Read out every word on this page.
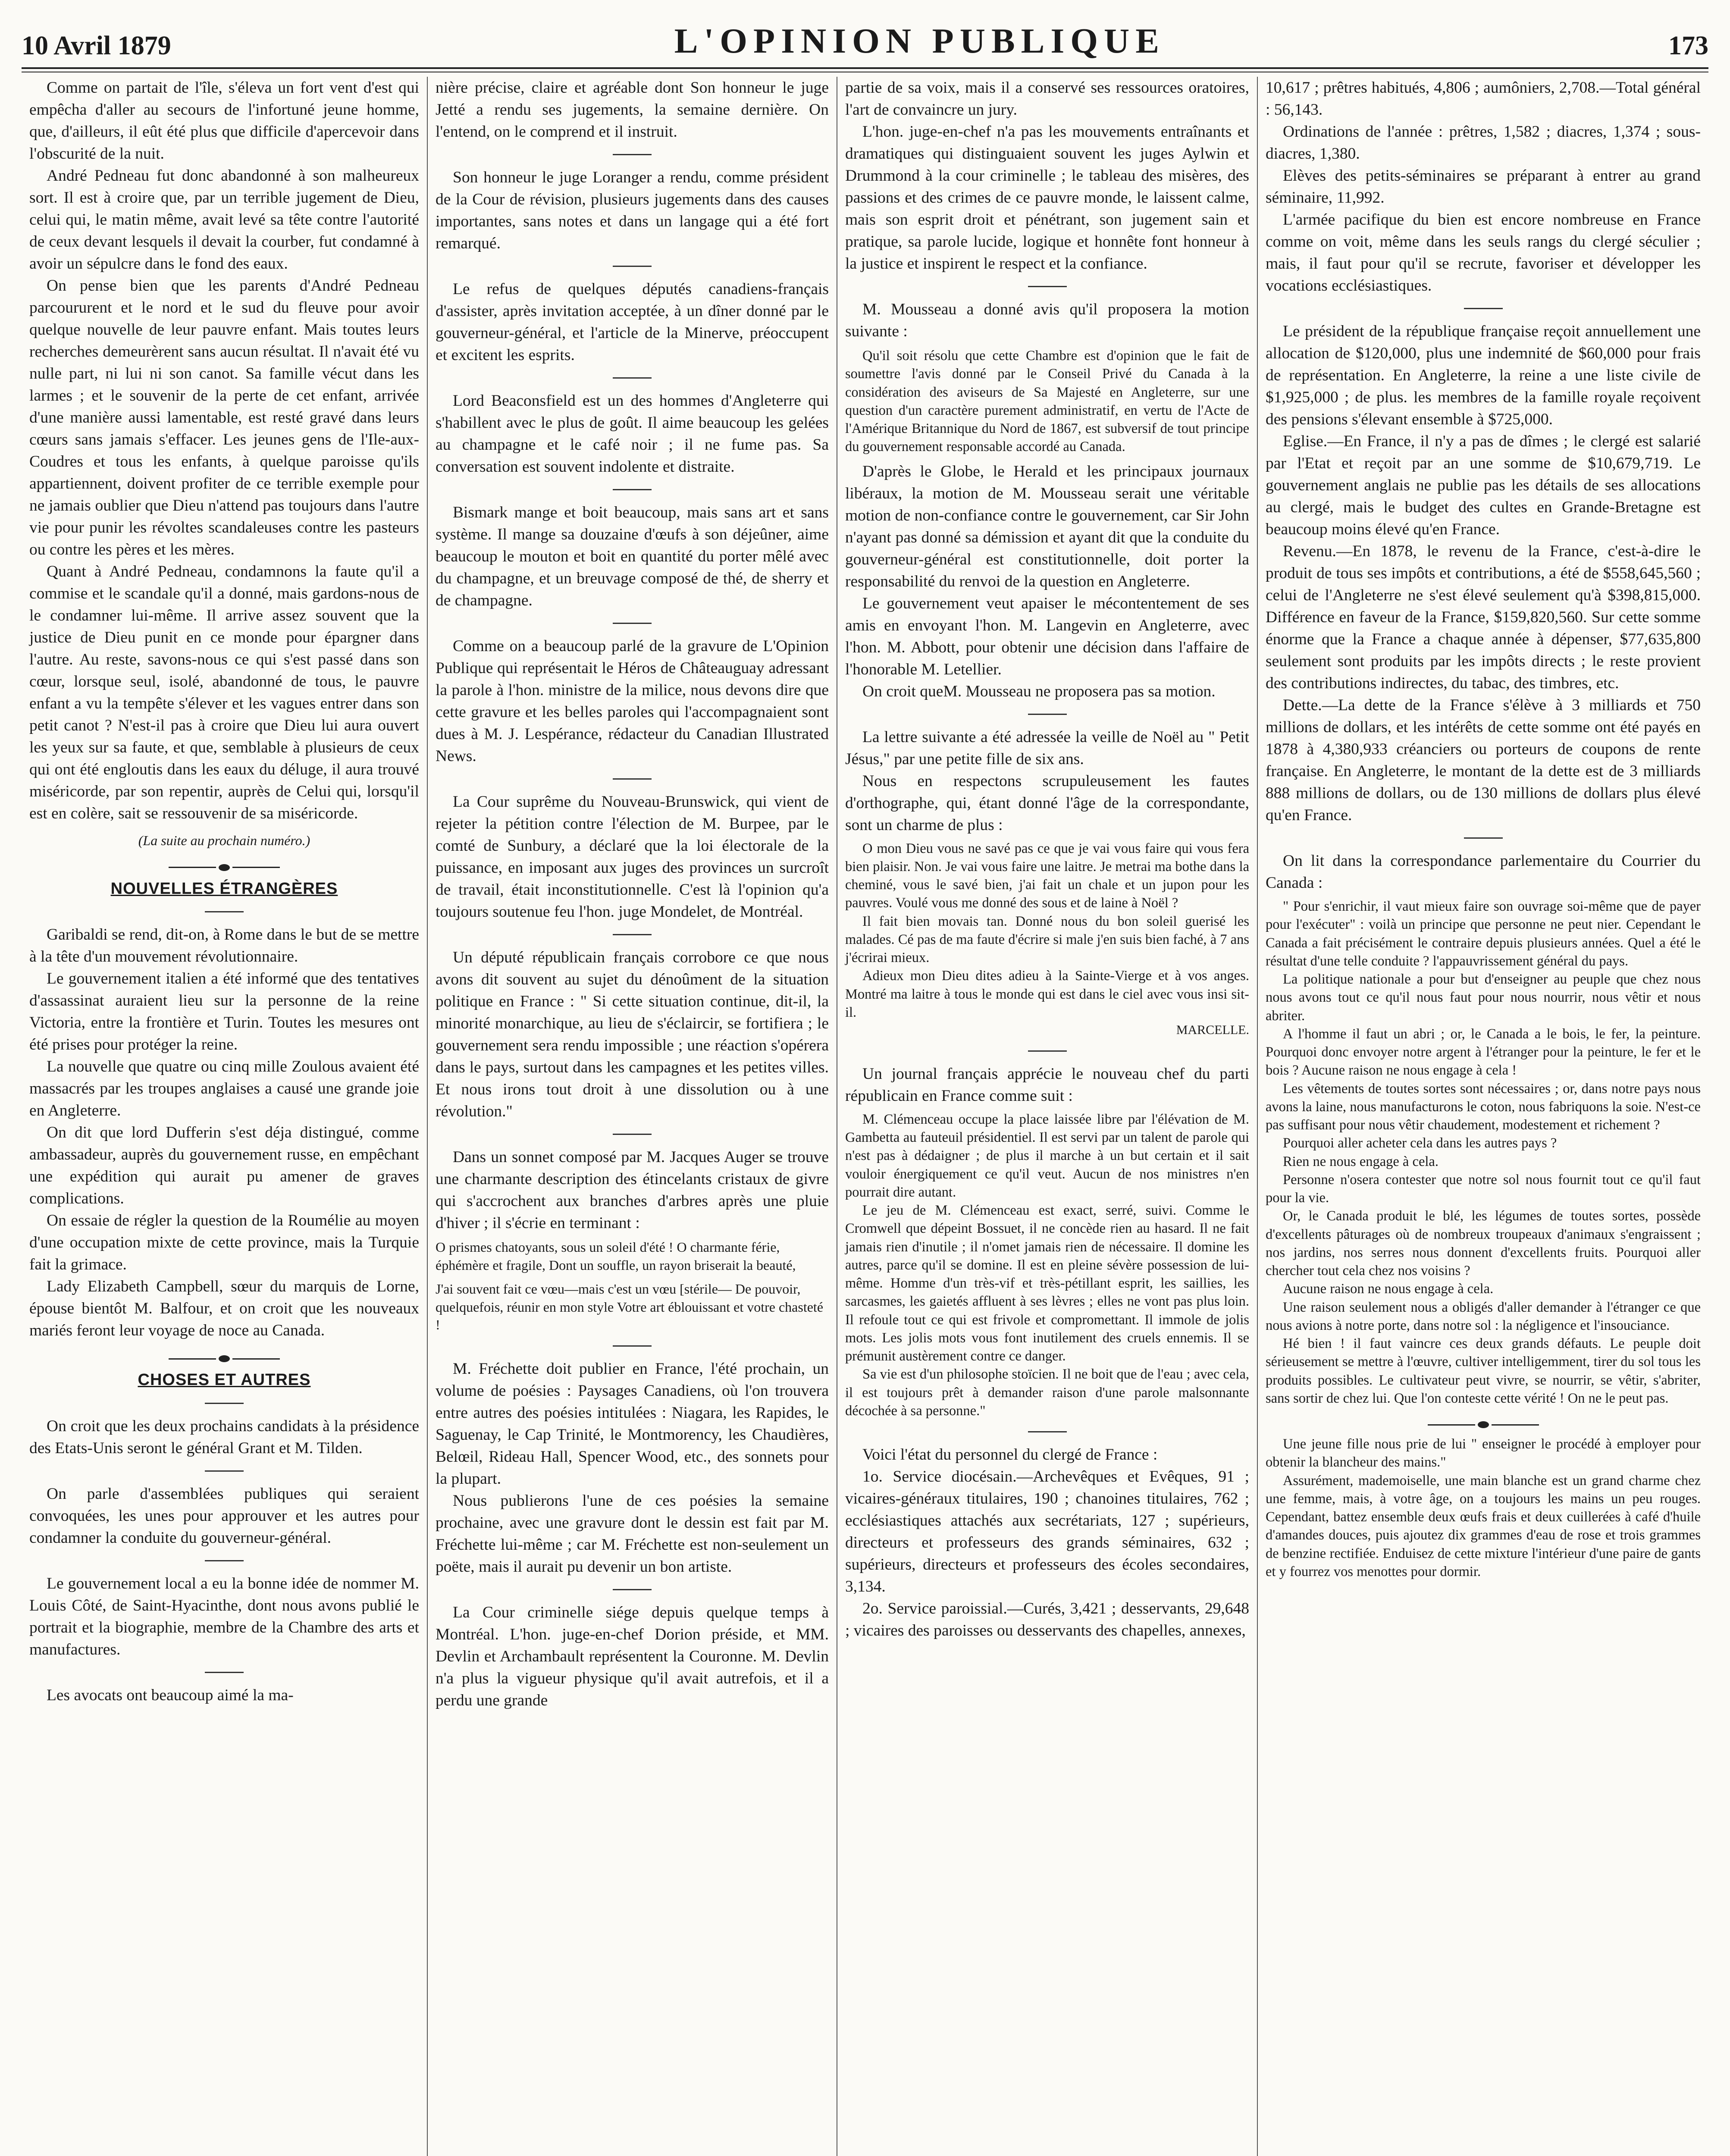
10 Avril 1879	L'OPINION PUBLIQUE	173

Comme on partait de l'île, s'éleva un fort vent d'est qui empêcha d'aller au secours de l'infortuné jeune homme, que, d'ailleurs, il eût été plus que difficile d'apercevoir dans l'obscurité de la nuit.

André Pedneau fut donc abandonné à son malheureux sort. Il est à croire que, par un terrible jugement de Dieu, celui qui, le matin même, avait levé sa tête contre l'autorité de ceux devant lesquels il devait la courber, fut condamné à avoir un sépulcre dans le fond des eaux.

On pense bien que les parents d'André Pedneau parcoururent et le nord et le sud du fleuve pour avoir quelque nouvelle de leur pauvre enfant. Mais toutes leurs recherches demeurèrent sans aucun résultat. Il n'avait été vu nulle part, ni lui ni son canot. Sa famille vécut dans les larmes ; et le souvenir de la perte de cet enfant, arrivée d'une manière aussi lamentable, est resté gravé dans leurs cœurs sans jamais s'effacer. Les jeunes gens de l'Ile-aux-Coudres et tous les enfants, à quelque paroisse qu'ils appartiennent, doivent profiter de ce terrible exemple pour ne jamais oublier que Dieu n'attend pas toujours dans l'autre vie pour punir les révoltes scandaleuses contre les pasteurs ou contre les pères et les mères.

Quant à André Pedneau, condamnons la faute qu'il a commise et le scandale qu'il a donné, mais gardons-nous de le condamner lui-même. Il arrive assez souvent que la justice de Dieu punit en ce monde pour épargner dans l'autre. Au reste, savons-nous ce qui s'est passé dans son cœur, lorsque seul, isolé, abandonné de tous, le pauvre enfant a vu la tempête s'élever et les vagues entrer dans son petit canot ? N'est-il pas à croire que Dieu lui aura ouvert les yeux sur sa faute, et que, semblable à plusieurs de ceux qui ont été engloutis dans les eaux du déluge, il aura trouvé miséricorde, par son repentir, auprès de Celui qui, lorsqu'il est en colère, sait se ressouvenir de sa miséricorde.

(La suite au prochain numéro.)

NOUVELLES ÉTRANGÈRES

Garibaldi se rend, dit-on, à Rome dans le but de se mettre à la tête d'un mouvement révolutionnaire.

Le gouvernement italien a été informé que des tentatives d'assassinat auraient lieu sur la personne de la reine Victoria, entre la frontière et Turin. Toutes les mesures ont été prises pour protéger la reine.

La nouvelle que quatre ou cinq mille Zoulous avaient été massacrés par les troupes anglaises a causé une grande joie en Angleterre.

On dit que lord Dufferin s'est déja distingué, comme ambassadeur, auprès du gouvernement russe, en empêchant une expédition qui aurait pu amener de graves complications.

On essaie de régler la question de la Roumélie au moyen d'une occupation mixte de cette province, mais la Turquie fait la grimace.

Lady Elizabeth Campbell, sœur du marquis de Lorne, épouse bientôt M. Balfour, et on croit que les nouveaux mariés feront leur voyage de noce au Canada.

CHOSES ET AUTRES

On croit que les deux prochains candidats à la présidence des Etats-Unis seront le général Grant et M. Tilden.

On parle d'assemblées publiques qui seraient convoquées, les unes pour approuver et les autres pour condamner la conduite du gouverneur-général.

Le gouvernement local a eu la bonne idée de nommer M. Louis Côté, de Saint-Hyacinthe, dont nous avons publié le portrait et la biographie, membre de la Chambre des arts et manufactures.

Les avocats ont beaucoup aimé la ma-

nière précise, claire et agréable dont Son honneur le juge Jetté a rendu ses jugements, la semaine dernière. On l'entend, on le comprend et il instruit.

Son honneur le juge Loranger a rendu, comme président de la Cour de révision, plusieurs jugements dans des causes importantes, sans notes et dans un langage qui a été fort remarqué.

Le refus de quelques députés canadiens-français d'assister, après invitation acceptée, à un dîner donné par le gouverneur-général, et l'article de la Minerve, préoccupent et excitent les esprits.

Lord Beaconsfield est un des hommes d'Angleterre qui s'habillent avec le plus de goût. Il aime beaucoup les gelées au champagne et le café noir ; il ne fume pas. Sa conversation est souvent indolente et distraite.

Bismark mange et boit beaucoup, mais sans art et sans système. Il mange sa douzaine d'œufs à son déjeûner, aime beaucoup le mouton et boit en quantité du porter mêlé avec du champagne, et un breuvage composé de thé, de sherry et de champagne.

Comme on a beaucoup parlé de la gravure de L'Opinion Publique qui représentait le Héros de Châteauguay adressant la parole à l'hon. ministre de la milice, nous devons dire que cette gravure et les belles paroles qui l'accompagnaient sont dues à M. J. Lespérance, rédacteur du Canadian Illustrated News.

La Cour suprême du Nouveau-Brunswick, qui vient de rejeter la pétition contre l'élection de M. Burpee, par le comté de Sunbury, a déclaré que la loi électorale de la puissance, en imposant aux juges des provinces un surcroît de travail, était inconstitutionnelle. C'est là l'opinion qu'a toujours soutenue feu l'hon. juge Mondelet, de Montréal.

Un député républicain français corrobore ce que nous avons dit souvent au sujet du dénoûment de la situation politique en France : " Si cette situation continue, dit-il, la minorité monarchique, au lieu de s'éclaircir, se fortifiera ; le gouvernement sera rendu impossible ; une réaction s'opérera dans le pays, surtout dans les campagnes et les petites villes. Et nous irons tout droit à une dissolution ou à une révolution."

Dans un sonnet composé par M. Jacques Auger se trouve une charmante description des étincelants cristaux de givre qui s'accrochent aux branches d'arbres après une pluie d'hiver ; il s'écrie en terminant :

O prismes chatoyants, sous un soleil d'été ! O charmante férie, éphémère et fragile, Dont un souffle, un rayon briserait la beauté,

J'ai souvent fait ce vœu—mais c'est un vœu [stérile— De pouvoir, quelquefois, réunir en mon style Votre art éblouissant et votre chasteté !

M. Fréchette doit publier en France, l'été prochain, un volume de poésies : Paysages Canadiens, où l'on trouvera entre autres des poésies intitulées : Niagara, les Rapides, le Saguenay, le Cap Trinité, le Montmorency, les Chaudières, Belœil, Rideau Hall, Spencer Wood, etc., des sonnets pour la plupart.

Nous publierons l'une de ces poésies la semaine prochaine, avec une gravure dont le dessin est fait par M. Fréchette lui-même ; car M. Fréchette est non-seulement un poëte, mais il aurait pu devenir un bon artiste.

La Cour criminelle siége depuis quelque temps à Montréal. L'hon. juge-en-chef Dorion préside, et MM. Devlin et Archambault représentent la Couronne. M. Devlin n'a plus la vigueur physique qu'il avait autrefois, et il a perdu une grande

partie de sa voix, mais il a conservé ses ressources oratoires, l'art de convaincre un jury.

L'hon. juge-en-chef n'a pas les mouvements entraînants et dramatiques qui distinguaient souvent les juges Aylwin et Drummond à la cour criminelle ; le tableau des misères, des passions et des crimes de ce pauvre monde, le laissent calme, mais son esprit droit et pénétrant, son jugement sain et pratique, sa parole lucide, logique et honnête font honneur à la justice et inspirent le respect et la confiance.

M. Mousseau a donné avis qu'il proposera la motion suivante :

Qu'il soit résolu que cette Chambre est d'opinion que le fait de soumettre l'avis donné par le Conseil Privé du Canada à la considération des aviseurs de Sa Majesté en Angleterre, sur une question d'un caractère purement administratif, en vertu de l'Acte de l'Amérique Britannique du Nord de 1867, est subversif de tout principe du gouvernement responsable accordé au Canada.

D'après le Globe, le Herald et les principaux journaux libéraux, la motion de M. Mousseau serait une véritable motion de non-confiance contre le gouvernement, car Sir John n'ayant pas donné sa démission et ayant dit que la conduite du gouverneur-général est constitutionnelle, doit porter la responsabilité du renvoi de la question en Angleterre.

Le gouvernement veut apaiser le mécontentement de ses amis en envoyant l'hon. M. Langevin en Angleterre, avec l'hon. M. Abbott, pour obtenir une décision dans l'affaire de l'honorable M. Letellier.

On croit queM. Mousseau ne proposera pas sa motion.

La lettre suivante a été adressée la veille de Noël au " Petit Jésus," par une petite fille de six ans.

Nous en respectons scrupuleusement les fautes d'orthographe, qui, étant donné l'âge de la correspondante, sont un charme de plus :

O mon Dieu vous ne savé pas ce que je vai vous faire qui vous fera bien plaisir. Non. Je vai vous faire une laitre. Je metrai ma bothe dans la cheminé, vous le savé bien, j'ai fait un chale et un jupon pour les pauvres. Voulé vous me donné des sous et de laine à Noël ?

Il fait bien movais tan. Donné nous du bon soleil guerisé les malades. Cé pas de ma faute d'écrire si male j'en suis bien faché, à 7 ans j'écrirai mieux.

Adieux mon Dieu dites adieu à la Sainte-Vierge et à vos anges. Montré ma laitre à tous le monde qui est dans le ciel avec vous insi sit-il.

MARCELLE.

Un journal français apprécie le nouveau chef du parti républicain en France comme suit :

M. Clémenceau occupe la place laissée libre par l'élévation de M. Gambetta au fauteuil présidentiel. Il est servi par un talent de parole qui n'est pas à dédaigner ; de plus il marche à un but certain et il sait vouloir énergiquement ce qu'il veut. Aucun de nos ministres n'en pourrait dire autant.

Le jeu de M. Clémenceau est exact, serré, suivi. Comme le Cromwell que dépeint Bossuet, il ne concède rien au hasard. Il ne fait jamais rien d'inutile ; il n'omet jamais rien de nécessaire. Il domine les autres, parce qu'il se domine. Il est en pleine sévère possession de lui-même. Homme d'un très-vif et très-pétillant esprit, les saillies, les sarcasmes, les gaietés affluent à ses lèvres ; elles ne vont pas plus loin. Il refoule tout ce qui est frivole et compromettant. Il immole de jolis mots. Les jolis mots vous font inutilement des cruels ennemis. Il se prémunit austèrement contre ce danger.

Sa vie est d'un philosophe stoïcien. Il ne boit que de l'eau ; avec cela, il est toujours prêt à demander raison d'une parole malsonnante décochée à sa personne."

Voici l'état du personnel du clergé de France :

1o. Service diocésain.—Archevêques et Evêques, 91 ; vicaires-généraux titulaires, 190 ; chanoines titulaires, 762 ; ecclésiastiques attachés aux secrétariats, 127 ; supérieurs, directeurs et professeurs des grands séminaires, 632 ; supérieurs, directeurs et professeurs des écoles secondaires, 3,134.

2o. Service paroissial.—Curés, 3,421 ; desservants, 29,648 ; vicaires des paroisses ou desservants des chapelles, annexes,

10,617 ; prêtres habitués, 4,806 ; aumôniers, 2,708.—Total général : 56,143.

Ordinations de l'année : prêtres, 1,582 ; diacres, 1,374 ; sous-diacres, 1,380.

Elèves des petits-séminaires se préparant à entrer au grand séminaire, 11,992.

L'armée pacifique du bien est encore nombreuse en France comme on voit, même dans les seuls rangs du clergé séculier ; mais, il faut pour qu'il se recrute, favoriser et développer les vocations ecclésiastiques.

Le président de la république française reçoit annuellement une allocation de $120,000, plus une indemnité de $60,000 pour frais de représentation. En Angleterre, la reine a une liste civile de $1,925,000 ; de plus. les membres de la famille royale reçoivent des pensions s'élevant ensemble à $725,000.

Eglise.—En France, il n'y a pas de dîmes ; le clergé est salarié par l'Etat et reçoit par an une somme de $10,679,719. Le gouvernement anglais ne publie pas les détails de ses allocations au clergé, mais le budget des cultes en Grande-Bretagne est beaucoup moins élevé qu'en France.

Revenu.—En 1878, le revenu de la France, c'est-à-dire le produit de tous ses impôts et contributions, a été de $558,645,560 ; celui de l'Angleterre ne s'est élevé seulement qu'à $398,815,000. Différence en faveur de la France, $159,820,560. Sur cette somme énorme que la France a chaque année à dépenser, $77,635,800 seulement sont produits par les impôts directs ; le reste provient des contributions indirectes, du tabac, des timbres, etc.

Dette.—La dette de la France s'élève à 3 milliards et 750 millions de dollars, et les intérêts de cette somme ont été payés en 1878 à 4,380,933 créanciers ou porteurs de coupons de rente française. En Angleterre, le montant de la dette est de 3 milliards 888 millions de dollars, ou de 130 millions de dollars plus élevé qu'en France.

On lit dans la correspondance parlementaire du Courrier du Canada :

" Pour s'enrichir, il vaut mieux faire son ouvrage soi-même que de payer pour l'exécuter" : voilà un principe que personne ne peut nier. Cependant le Canada a fait précisément le contraire depuis plusieurs années. Quel a été le résultat d'une telle conduite ? l'appauvrissement général du pays.

La politique nationale a pour but d'enseigner au peuple que chez nous nous avons tout ce qu'il nous faut pour nous nourrir, nous vêtir et nous abriter.

A l'homme il faut un abri ; or, le Canada a le bois, le fer, la peinture. Pourquoi donc envoyer notre argent à l'étranger pour la peinture, le fer et le bois ? Aucune raison ne nous engage à cela !

Les vêtements de toutes sortes sont nécessaires ; or, dans notre pays nous avons la laine, nous manufacturons le coton, nous fabriquons la soie. N'est-ce pas suffisant pour nous vêtir chaudement, modestement et richement ?

Pourquoi aller acheter cela dans les autres pays ?

Rien ne nous engage à cela.

Personne n'osera contester que notre sol nous fournit tout ce qu'il faut pour la vie.

Or, le Canada produit le blé, les légumes de toutes sortes, possède d'excellents pâturages où de nombreux troupeaux d'animaux s'engraissent ; nos jardins, nos serres nous donnent d'excellents fruits. Pourquoi aller chercher tout cela chez nos voisins ?

Aucune raison ne nous engage à cela.

Une raison seulement nous a obligés d'aller demander à l'étranger ce que nous avions à notre porte, dans notre sol : la négligence et l'insouciance.

Hé bien ! il faut vaincre ces deux grands défauts. Le peuple doit sérieusement se mettre à l'œuvre, cultiver intelligemment, tirer du sol tous les produits possibles. Le cultivateur peut vivre, se nourrir, se vêtir, s'abriter, sans sortir de chez lui. Que l'on conteste cette vérité ! On ne le peut pas.

Une jeune fille nous prie de lui " enseigner le procédé à employer pour obtenir la blancheur des mains."

Assurément, mademoiselle, une main blanche est un grand charme chez une femme, mais, à votre âge, on a toujours les mains un peu rouges. Cependant, battez ensemble deux œufs frais et deux cuillerées à café d'huile d'amandes douces, puis ajoutez dix grammes d'eau de rose et trois grammes de benzine rectifiée. Enduisez de cette mixture l'intérieur d'une paire de gants et y fourrez vos menottes pour dormir.
